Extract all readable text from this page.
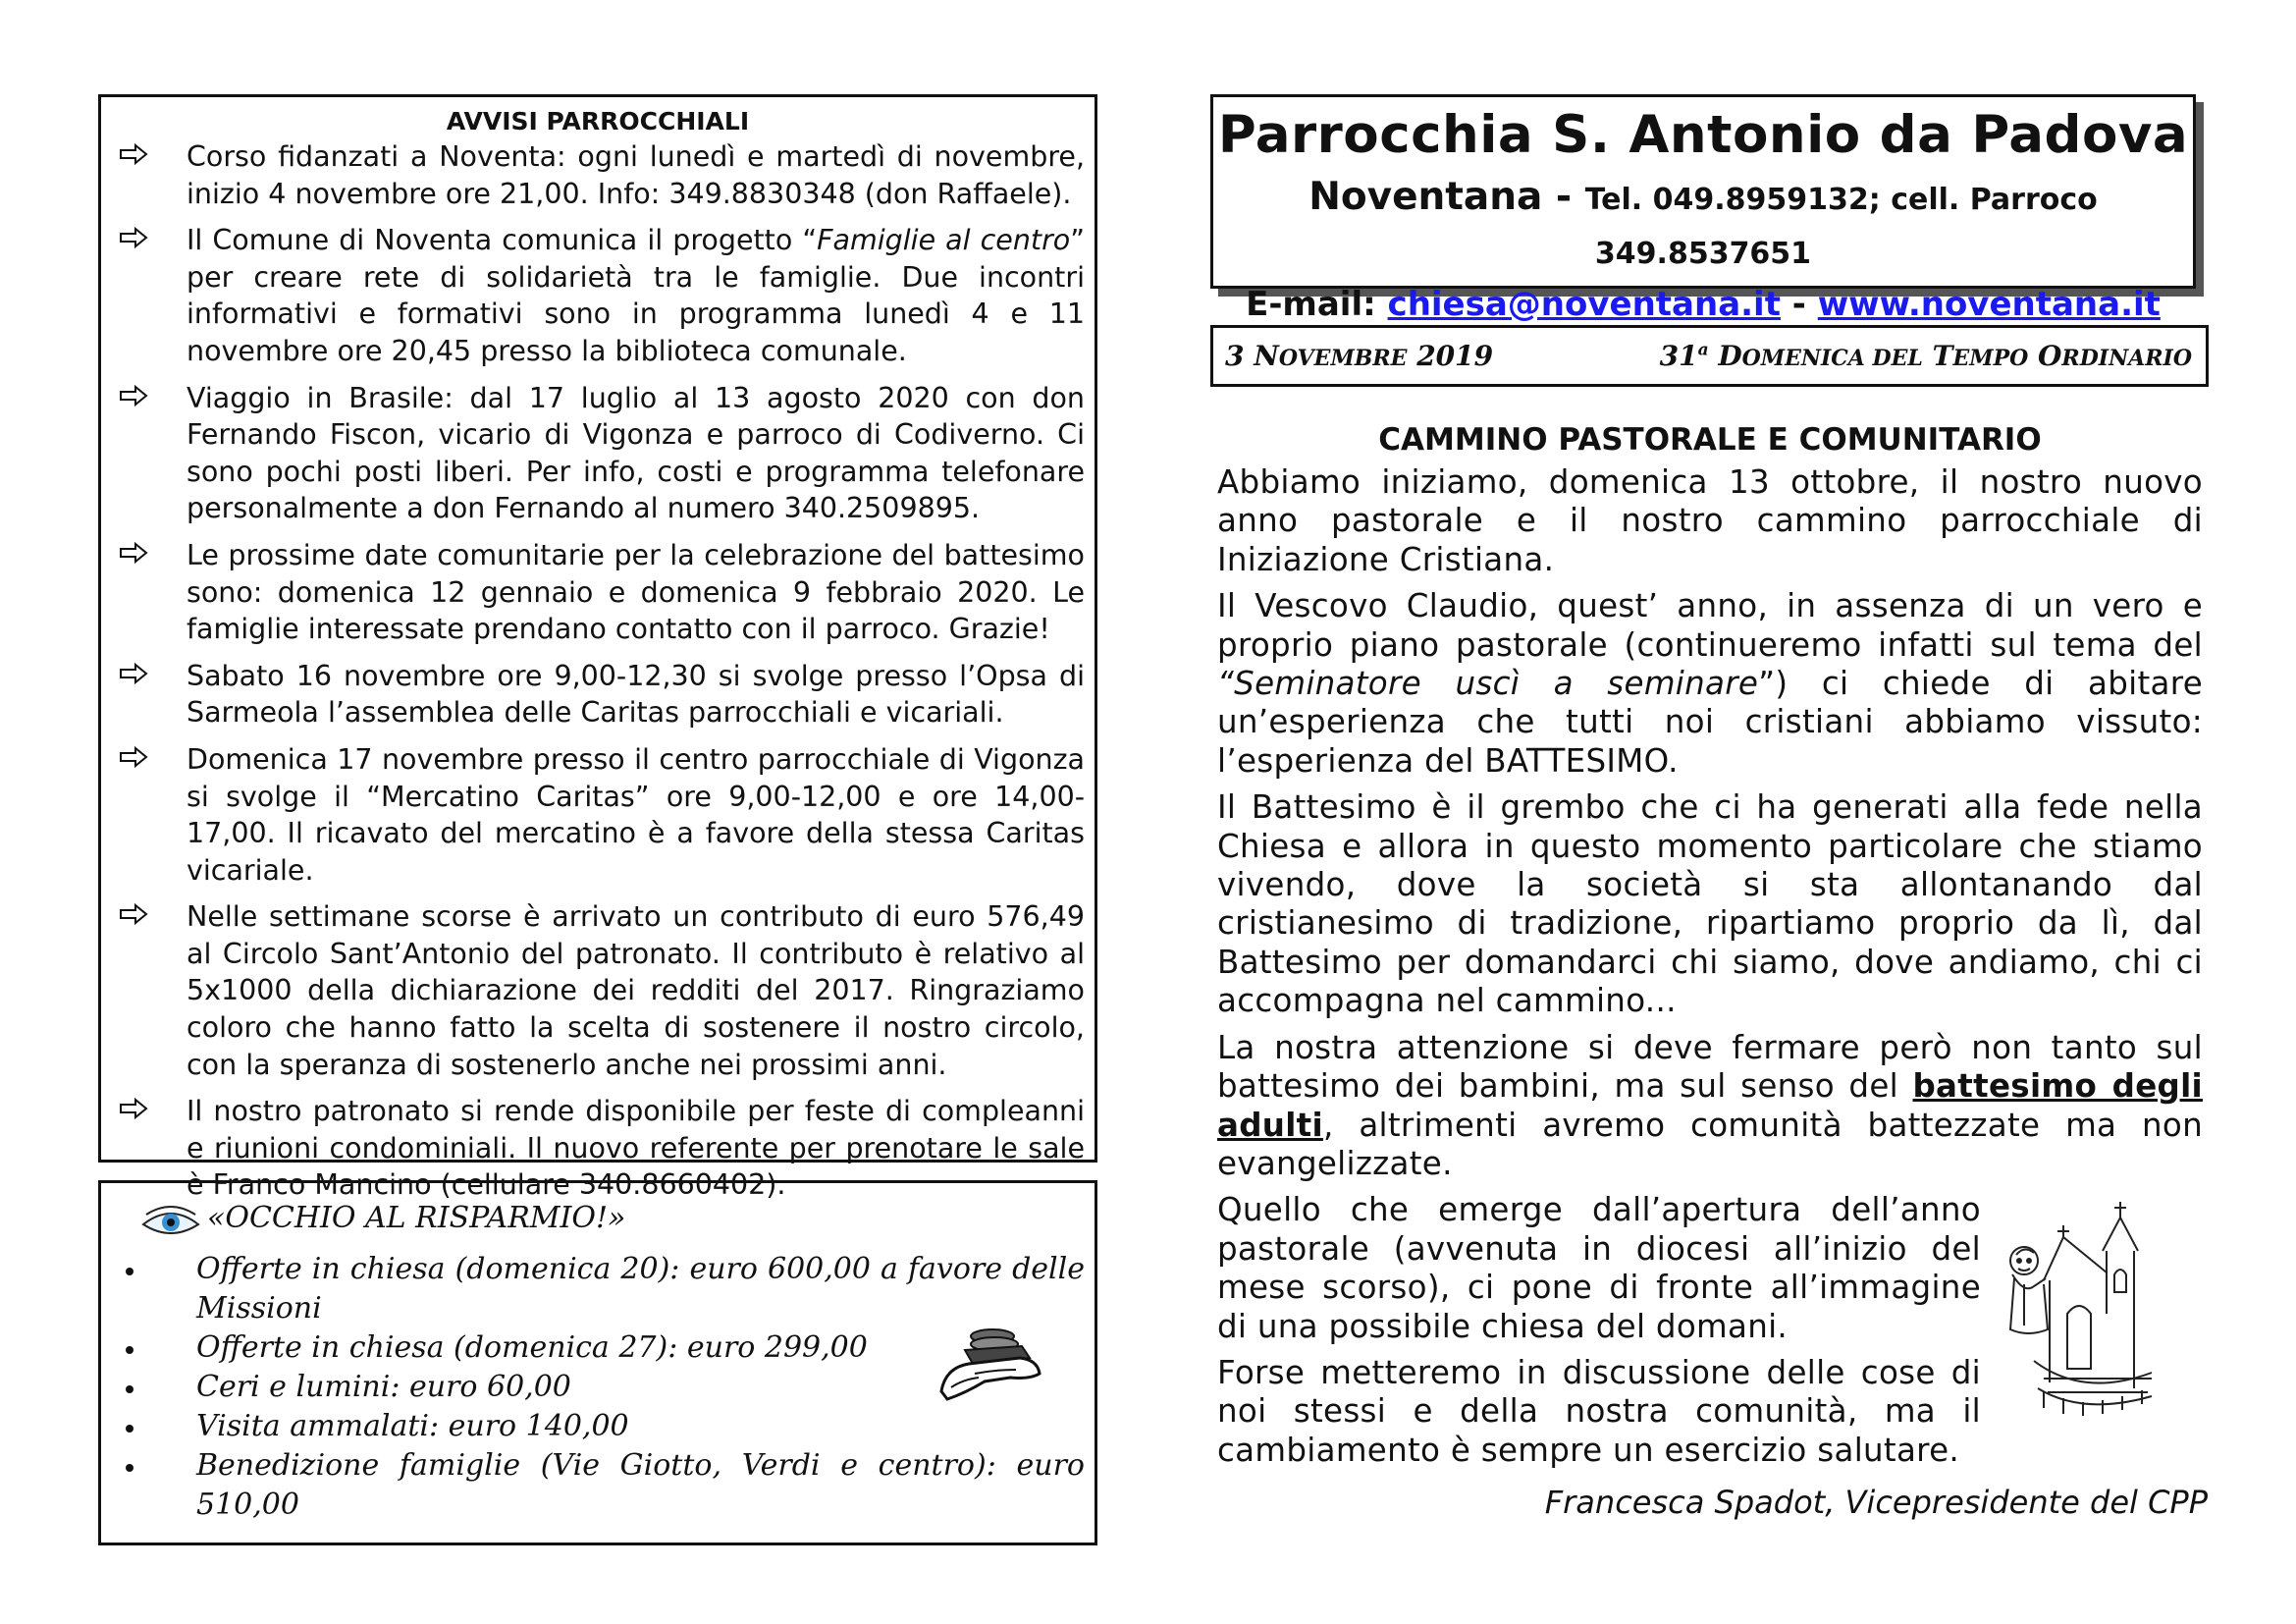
AVVISI PARROCCHIALI
Corso fidanzati a Noventa: ogni lunedì e martedì di novembre, inizio 4 novembre ore 21,00. Info: 349.8830348 (don Raffaele).
Il Comune di Noventa comunica il progetto “Famiglie al centro” per creare rete di solidarietà tra le famiglie. Due incontri informativi e formativi sono in programma lunedì 4 e 11 novembre ore 20,45 presso la biblioteca comunale.
Viaggio in Brasile: dal 17 luglio al 13 agosto 2020 con don Fernando Fiscon, vicario di Vigonza e parroco di Codiverno. Ci sono pochi posti liberi. Per info, costi e programma telefonare personalmente a don Fernando al numero 340.2509895.
Le prossime date comunitarie per la celebrazione del battesimo sono: domenica 12 gennaio e domenica 9 febbraio 2020. Le famiglie interessate prendano contatto con il parroco. Grazie!
Sabato 16 novembre ore 9,00-12,30 si svolge presso l’Opsa di Sarmeola l’assemblea delle Caritas parrocchiali e vicariali.
Domenica 17 novembre presso il centro parrocchiale di Vigonza si svolge il “Mercatino Caritas” ore 9,00-12,00 e ore 14,00-17,00. Il ricavato del mercatino è a favore della stessa Caritas vicariale.
Nelle settimane scorse è arrivato un contributo di euro 576,49 al Circolo Sant’Antonio del patronato. Il contributo è relativo al 5x1000 della dichiarazione dei redditi del 2017. Ringraziamo coloro che hanno fatto la scelta di sostenere il nostro circolo, con la speranza di sostenerlo anche nei prossimi anni.
Il nostro patronato si rende disponibile per feste di compleanni e riunioni condominiali. Il nuovo referente per prenotare le sale è Franco Mancino (cellulare 340.8660402).
«OCCHIO AL RISPARMIO!»
Offerte in chiesa (domenica 20): euro 600,00 a favore delle Missioni
Offerte in chiesa (domenica 27): euro 299,00
Ceri e lumini: euro 60,00
Visita ammalati: euro 140,00
Benedizione famiglie (Vie Giotto, Verdi e centro): euro 510,00
Parrocchia S. Antonio da Padova
Noventana - Tel. 049.8959132; cell. Parroco 349.8537651
E-mail: chiesa@noventana.it - www.noventana.it
3 NOVEMBRE 2019	31$^a$ DOMENICA DEL TEMPO ORDINARIO
CAMMINO PASTORALE E COMUNITARIO

Abbiamo iniziamo, domenica 13 ottobre, il nostro nuovo anno pastorale e il nostro cammino parrocchiale di Iniziazione Cristiana.

Il Vescovo Claudio, quest’ anno, in assenza di un vero e proprio piano pastorale (continueremo infatti sul tema del “Seminatore uscì a seminare”) ci chiede di abitare un’esperienza che tutti noi cristiani abbiamo vissuto: l’esperienza del BATTESIMO.

Il Battesimo è il grembo che ci ha generati alla fede nella Chiesa e allora in questo momento particolare che stiamo vivendo, dove la società si sta allontanando dal cristianesimo di tradizione, ripartiamo proprio da lì, dal Battesimo per domandarci chi siamo, dove andiamo, chi ci accompagna nel cammino...

La nostra attenzione si deve fermare però non tanto sul battesimo dei bambini, ma sul senso del battesimo degli adulti, altrimenti avremo comunità battezzate ma non evangelizzate.

Quello che emerge dall’apertura dell’anno pastorale (avvenuta in diocesi all’inizio del mese scorso), ci pone di fronte all’immagine di una possibile chiesa del domani.

Forse metteremo in discussione delle cose di noi stessi e della nostra comunità, ma il cambiamento è sempre un esercizio salutare.

Francesca Spadot, Vicepresidente del CPP
